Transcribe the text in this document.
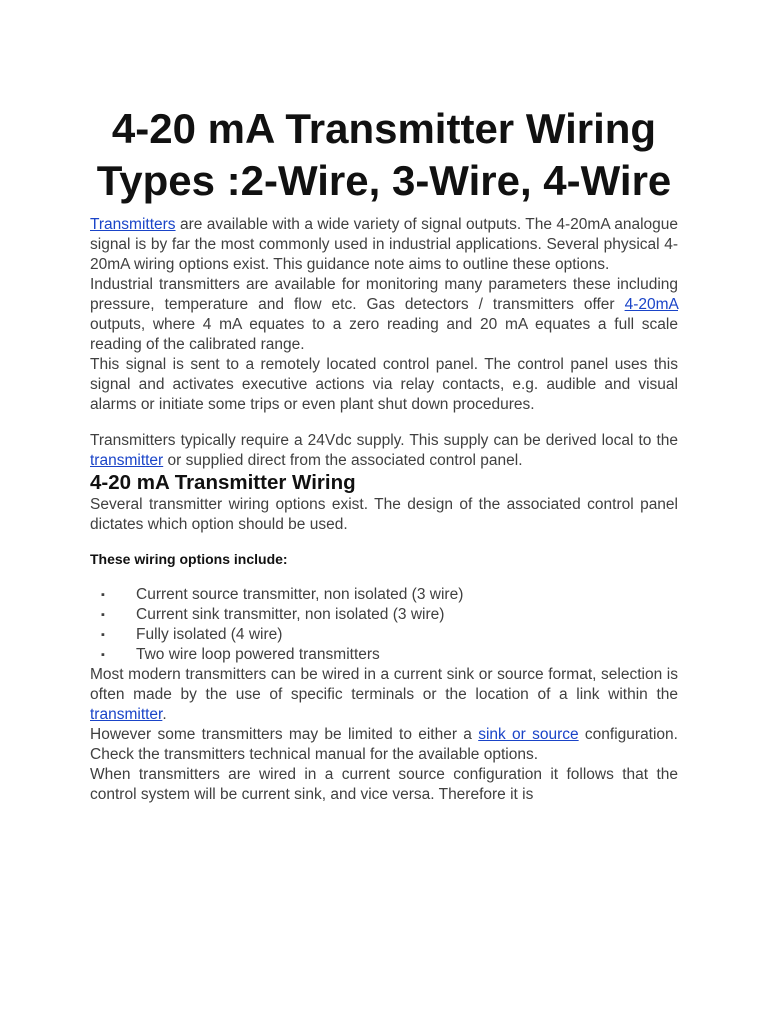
4-20 mA Transmitter Wiring Types :2-Wire, 3-Wire, 4-Wire

Transmitters are available with a wide variety of signal outputs. The 4-20mA analogue signal is by far the most commonly used in industrial applications. Several physical 4-20mA wiring options exist. This guidance note aims to outline these options.

Industrial transmitters are available for monitoring many parameters these including pressure, temperature and flow etc. Gas detectors / transmitters offer 4-20mA outputs, where 4 mA equates to a zero reading and 20 mA equates a full scale reading of the calibrated range.

This signal is sent to a remotely located control panel. The control panel uses this signal and activates executive actions via relay contacts, e.g. audible and visual alarms or initiate some trips or even plant shut down procedures.

Transmitters typically require a 24Vdc supply. This supply can be derived local to the transmitter or supplied direct from the associated control panel.

4-20 mA Transmitter Wiring

Several transmitter wiring options exist. The design of the associated control panel dictates which option should be used.

These wiring options include:
▪ Current source transmitter, non isolated (3 wire)
▪ Current sink transmitter, non isolated (3 wire)
▪ Fully isolated (4 wire)
▪ Two wire loop powered transmitters

Most modern transmitters can be wired in a current sink or source format, selection is often made by the use of specific terminals or the location of a link within the transmitter.

However some transmitters may be limited to either a sink or source configuration. Check the transmitters technical manual for the available options.

When transmitters are wired in a current source configuration it follows that the control system will be current sink, and vice versa. Therefore it is
